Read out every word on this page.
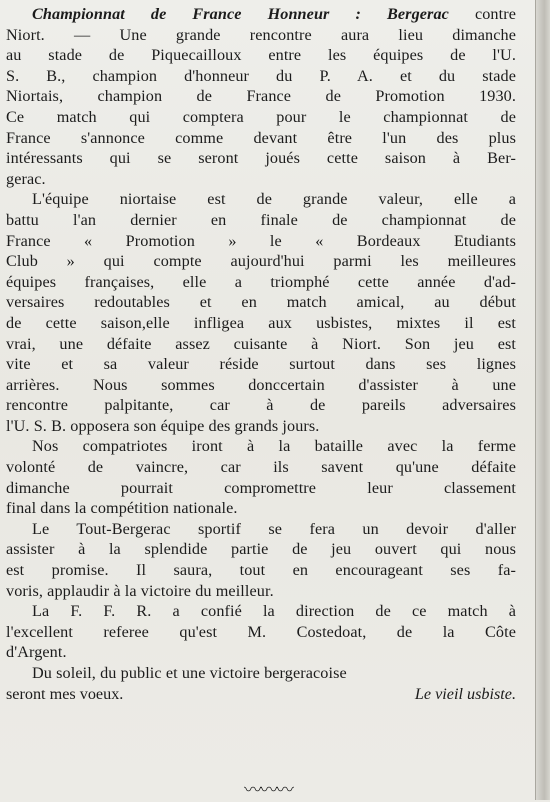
Championnat de France Honneur : Bergerac contre
Niort. — Une grande rencontre aura lieu dimanche
au stade de Piquecailloux entre les équipes de l'U.
S. B., champion d'honneur du P. A. et du stade
Niortais, champion de France de Promotion 1930.
Ce match qui comptera pour le championnat de
France s'annonce comme devant être l'un des plus
intéressants qui se seront joués cette saison à Ber-
gerac.
L'équipe niortaise est de grande valeur, elle a
battu l'an dernier en finale de championnat de
France « Promotion » le « Bordeaux Etudiants
Club » qui compte aujourd'hui parmi les meilleures
équipes françaises, elle a triomphé cette année d'ad-
versaires redoutables et en match amical, au début
de cette saison,elle infligea aux usbistes, mixtes il est
vrai, une défaite assez cuisante à Niort. Son jeu est
vite et sa valeur réside surtout dans ses lignes
arrières. Nous sommes donccertain d'assister à une
rencontre palpitante, car à de pareils adversaires
l'U. S. B. opposera son équipe des grands jours.
Nos compatriotes iront à la bataille avec la ferme
volonté de vaincre, car ils savent qu'une défaite
dimanche pourrait compromettre leur classement
final dans la compétition nationale.
Le Tout-Bergerac sportif se fera un devoir d'aller
assister à la splendide partie de jeu ouvert qui nous
est promise. Il saura, tout en encourageant ses fa-
voris, applaudir à la victoire du meilleur.
La F. F. R. a confié la direction de ce match à
l'excellent referee qu'est M. Costedoat, de la Côte
d'Argent.
Du soleil, du public et une victoire bergeracoise
seront mes voeux.	Le vieil usbiste.
〰〰〰
